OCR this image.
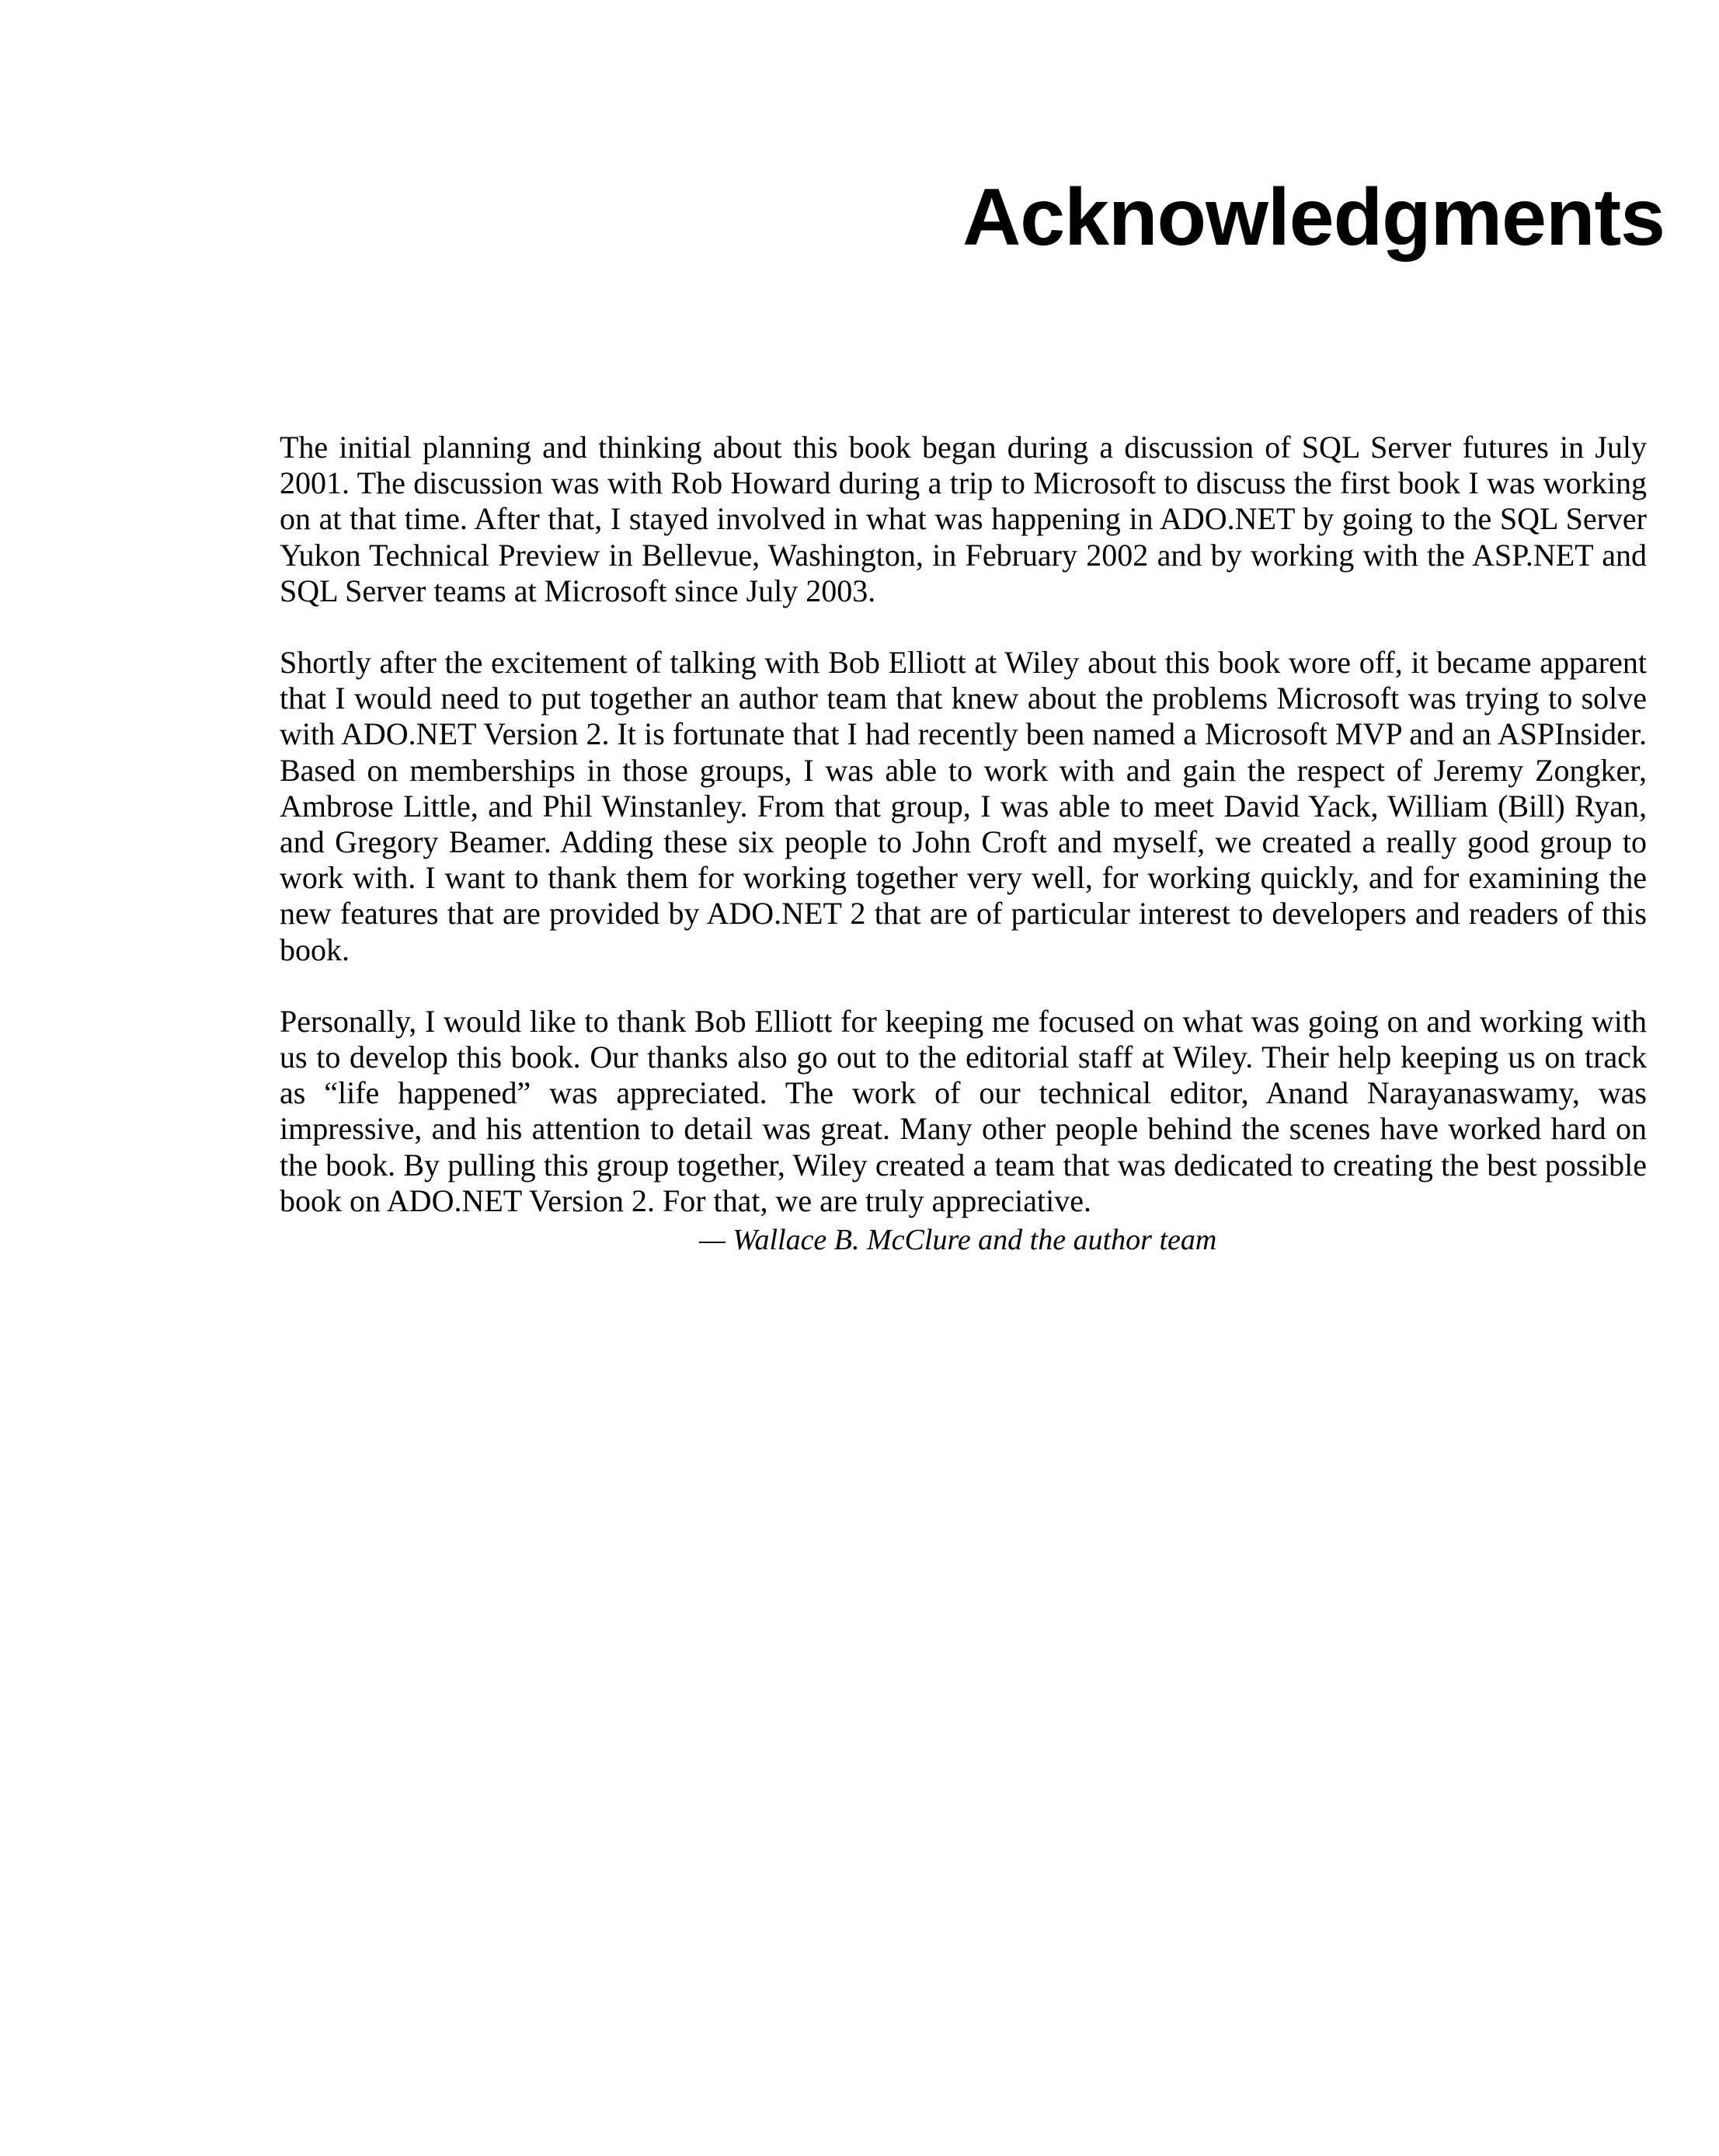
Acknowledgments

The initial planning and thinking about this book began during a discussion of SQL Server futures in July 2001. The discussion was with Rob Howard during a trip to Microsoft to discuss the first book I was working on at that time. After that, I stayed involved in what was happening in ADO.NET by going to the SQL Server Yukon Technical Preview in Bellevue, Washington, in February 2002 and by working with the ASP.NET and SQL Server teams at Microsoft since July 2003.

Shortly after the excitement of talking with Bob Elliott at Wiley about this book wore off, it became apparent that I would need to put together an author team that knew about the problems Microsoft was trying to solve with ADO.NET Version 2. It is fortunate that I had recently been named a Microsoft MVP and an ASPInsider. Based on memberships in those groups, I was able to work with and gain the respect of Jeremy Zongker, Ambrose Little, and Phil Winstanley. From that group, I was able to meet David Yack, William (Bill) Ryan, and Gregory Beamer. Adding these six people to John Croft and myself, we created a really good group to work with. I want to thank them for working together very well, for working quickly, and for examining the new features that are provided by ADO.NET 2 that are of particular interest to developers and readers of this book.

Personally, I would like to thank Bob Elliott for keeping me focused on what was going on and working with us to develop this book. Our thanks also go out to the editorial staff at Wiley. Their help keeping us on track as “life happened” was appreciated. The work of our technical editor, Anand Narayanaswamy, was impressive, and his attention to detail was great. Many other people behind the scenes have worked hard on the book. By pulling this group together, Wiley created a team that was dedicated to creating the best possible book on ADO.NET Version 2. For that, we are truly appreciative.

— Wallace B. McClure and the author team
